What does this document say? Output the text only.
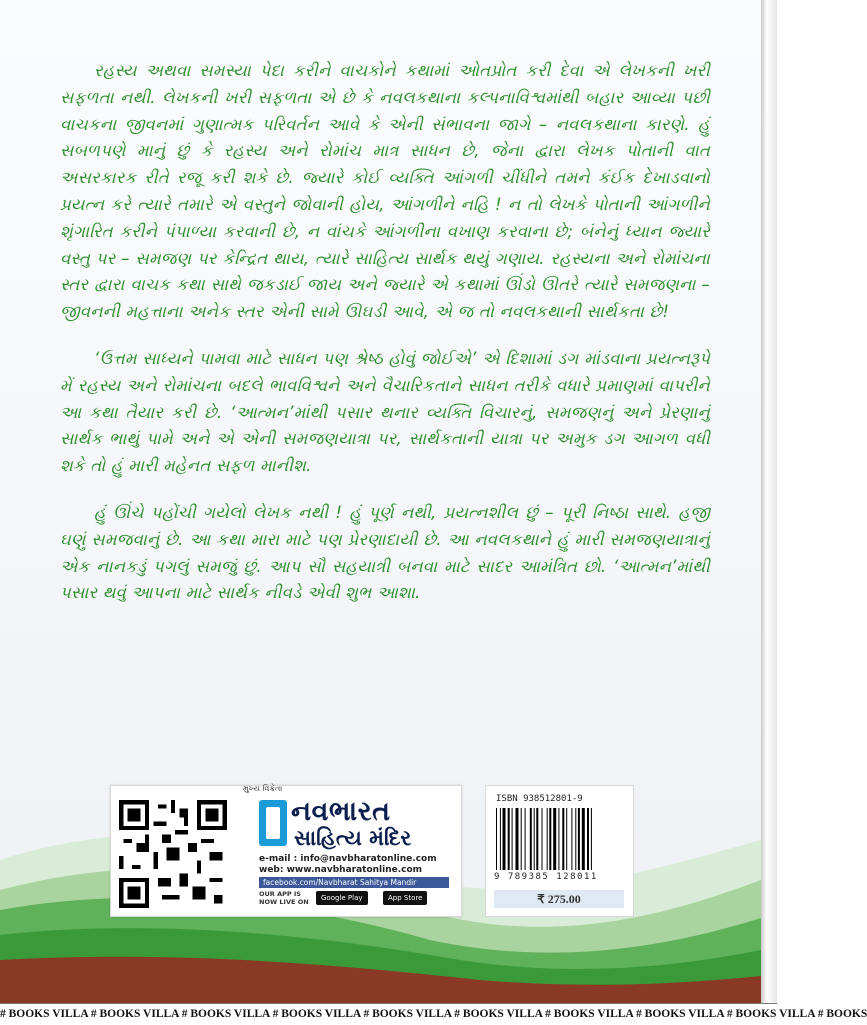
રહસ્ય અથવા સમસ્યા પેદા કરીને વાચકોને કથામાં ઓતપ્રોત કરી દેવા એ લેખકની ખરી સફળતા નથી. લેખકની ખરી સફળતા એ છે કે નવલકથાના કલ્પનાવિશ્વમાંથી બહાર આવ્યા પછી વાચકના જીવનમાં ગુણાત્મક પરિવર્તન આવે કે એની સંભાવના જાગે – નવલકથાના કારણે. હું સબળપણે માનું છું કે રહસ્ય અને રોમાંચ માત્ર સાધન છે, જેના દ્વારા લેખક પોતાની વાત અસરકારક રીતે રજૂ કરી શકે છે. જ્યારે કોઈ વ્યક્તિ આંગળી ચીંધીને તમને કંઈક દેખાડવાનો પ્રયત્ન કરે ત્યારે તમારે એ વસ્તુને જોવાની હોય, આંગળીને નહિ ! ન તો લેખકે પોતાની આંગળીને શૃંગારિત કરીને પંપાળ્યા કરવાની છે, ન વાંચકે આંગળીના વખાણ કરવાના છે; બંનેનું ધ્યાન જ્યારે વસ્તુ પર – સમજણ પર કેન્દ્રિત થાય, ત્યારે સાહિત્ય સાર્થક થયું ગણાય. રહસ્યના અને રોમાંચના સ્તર દ્વારા વાચક કથા સાથે જકડાઈ જાય અને જ્યારે એ કથામાં ઊંડો ઊતરે ત્યારે સમજણના – જીવનની મહત્તાના અનેક સ્તર એની સામે ઊઘડી આવે, એ જ તો નવલકથાની સાર્થકતા છે!

‘ઉત્તમ સાધ્યને પામવા માટે સાધન પણ શ્રેષ્ઠ હોવું જોઈએ’ એ દિશામાં ડગ માંડવાના પ્રયત્નરૂપે મેં રહસ્ય અને રોમાંચના બદલે ભાવવિશ્વને અને વૈચારિકતાને સાધન તરીકે વધારે પ્રમાણમાં વાપરીને આ કથા તૈયાર કરી છે. ‘આત્મન’માંથી પસાર થનાર વ્યક્તિ વિચારનું, સમજણનું અને પ્રેરણાનું સાર્થક ભાથું પામે અને એ એની સમજણયાત્રા પર, સાર્થકતાની યાત્રા પર અમુક ડગ આગળ વધી શકે તો હું મારી મહેનત સફળ માનીશ.

હું ઊંચે પહોંચી ગયેલો લેખક નથી ! હું પૂર્ણ નથી, પ્રયત્નશીલ છું – પૂરી નિષ્ઠા સાથે. હજી ઘણું સમજવાનું છે. આ કથા મારા માટે પણ પ્રેરણાદાયી છે. આ નવલકથાને હું મારી સમજણયાત્રાનું એક નાનકડું પગલું સમજું છું. આપ સૌ સહયાત્રી બનવા માટે સાદર આમંત્રિત છો. ‘આત્મન’માંથી પસાર થવું આપના માટે સાર્થક નીવડે એવી શુભ આશા.

મુખ્ય વિક્રેતા
નવભારત
સાહિત્ય મંદિર
e-mail : info@navbharatonline.com
web: www.navbharatonline.com
facebook.com/Navbharat Sahitya Mandir
OUR APP IS
NOW LIVE ON	Google Play	App Store
ISBN 938512801-9
9 789385 128011
₹ 275.00
# BOOKS VILLA # BOOKS VILLA # BOOKS VILLA # BOOKS VILLA # BOOKS VILLA # BOOKS VILLA # BOOKS VILLA # BOOKS VILLA # BOOKS VILLA # BOOKS
